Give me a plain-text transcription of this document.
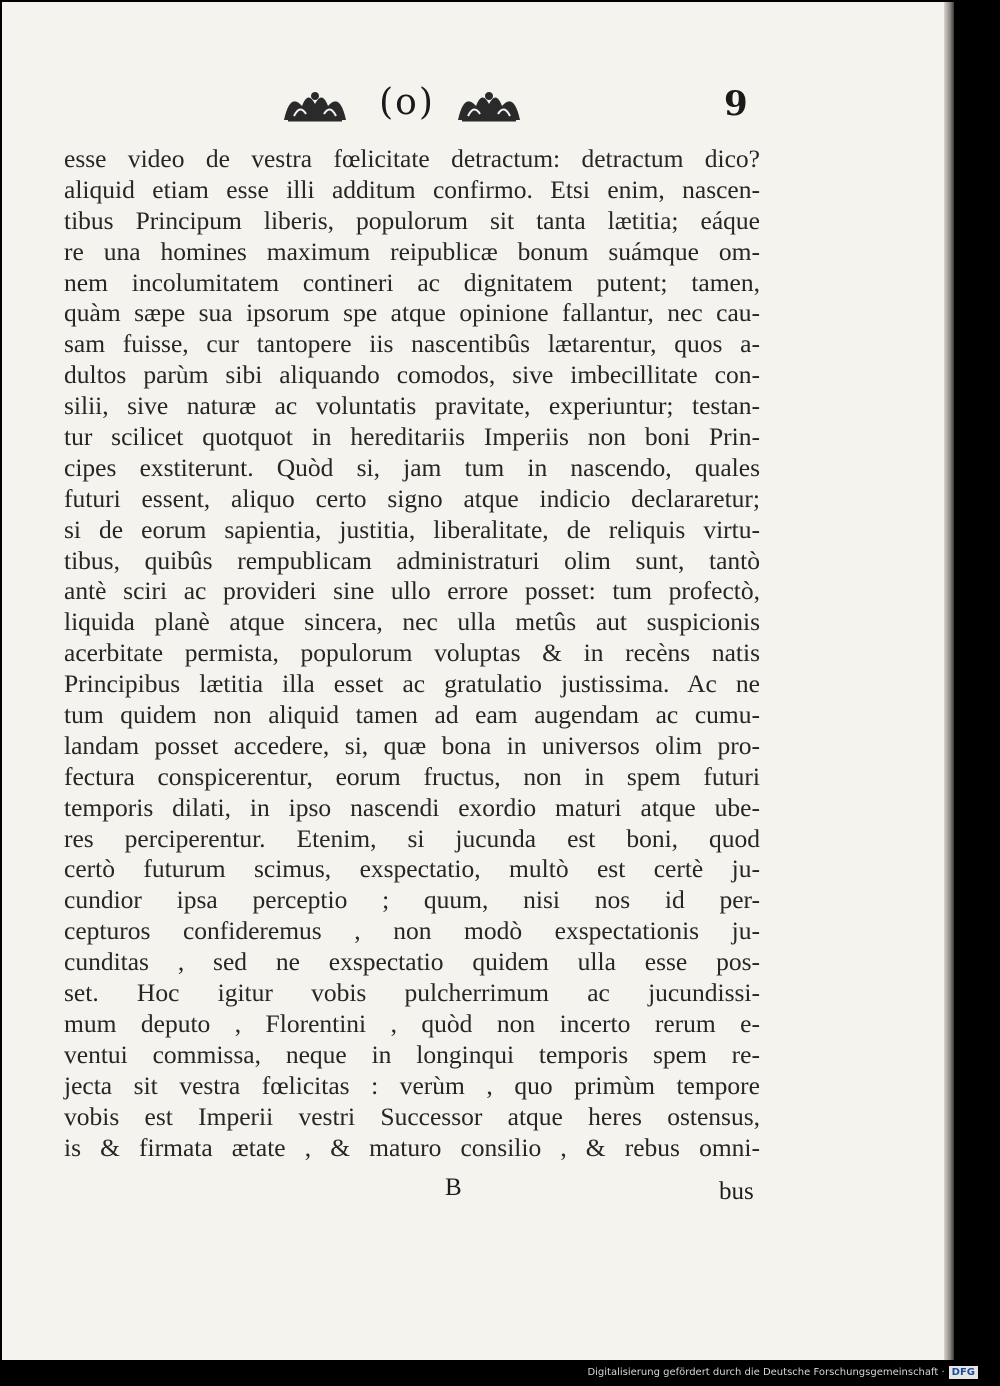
(o)	9
esse video de vestra fœlicitate detractum: detractum dico?
aliquid etiam esse illi additum confirmo. Etsi enim, nascen-
tibus Principum liberis, populorum sit tanta lætitia; eáque
re una homines maximum reipublicæ bonum suámque om-
nem incolumitatem contineri ac dignitatem putent; tamen,
quàm sæpe sua ipsorum spe atque opinione fallantur, nec cau-
sam fuisse, cur tantopere iis nascentibûs lætarentur, quos a-
dultos parùm sibi aliquando comodos, sive imbecillitate con-
silii, sive naturæ ac voluntatis pravitate, experiuntur; testan-
tur scilicet quotquot in hereditariis Imperiis non boni Prin-
cipes exstiterunt. Quòd si, jam tum in nascendo, quales
futuri essent, aliquo certo signo atque indicio declararetur;
si de eorum sapientia, justitia, liberalitate, de reliquis virtu-
tibus, quibûs rempublicam administraturi olim sunt, tantò
antè sciri ac provideri sine ullo errore posset: tum profectò,
liquida planè atque sincera, nec ulla metûs aut suspicionis
acerbitate permista, populorum voluptas & in recèns natis
Principibus lætitia illa esset ac gratulatio justissima. Ac ne
tum quidem non aliquid tamen ad eam augendam ac cumu-
landam posset accedere, si, quæ bona in universos olim pro-
fectura conspicerentur, eorum fructus, non in spem futuri
temporis dilati, in ipso nascendi exordio maturi atque ube-
res perciperentur. Etenim, si jucunda est boni, quod
certò futurum scimus, exspectatio, multò est certè ju-
cundior ipsa perceptio ; quum, nisi nos id per-
cepturos confideremus , non modò exspectationis ju-
cunditas , sed ne exspectatio quidem ulla esse pos-
set. Hoc igitur vobis pulcherrimum ac jucundissi-
mum deputo , Florentini , quòd non incerto rerum e-
ventui commissa, neque in longinqui temporis spem re-
jecta sit vestra fœlicitas : verùm , quo primùm tempore
vobis est Imperii vestri Successor atque heres ostensus,
is & firmata ætate , & maturo consilio , & rebus omni-
B	bus
Digitalisierung gefördert durch die Deutsche Forschungsgemeinschaft · DFG
